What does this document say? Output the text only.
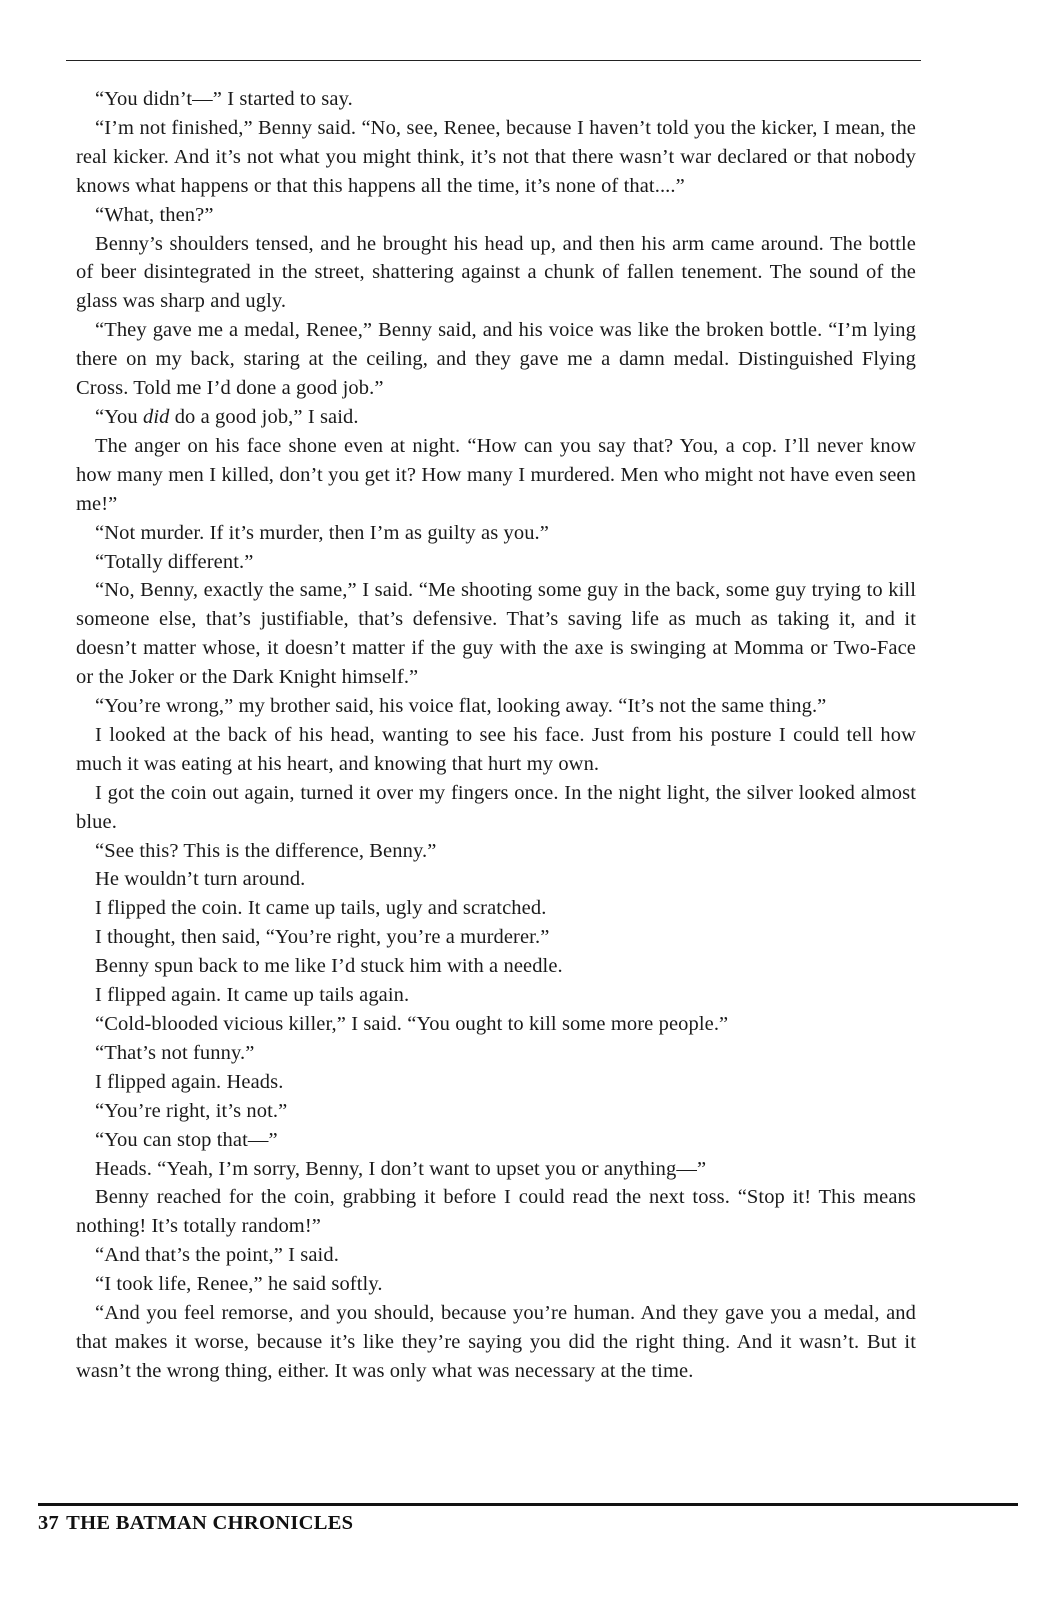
“You didn’t—” I started to say.

“I’m not finished,” Benny said. “No, see, Renee, because I haven’t told you the kicker, I mean, the real kicker. And it’s not what you might think, it’s not that there wasn’t war declared or that nobody knows what happens or that this happens all the time, it’s none of that....”

“What, then?”

Benny’s shoulders tensed, and he brought his head up, and then his arm came around. The bottle of beer disintegrated in the street, shattering against a chunk of fallen tenement. The sound of the glass was sharp and ugly.

“They gave me a medal, Renee,” Benny said, and his voice was like the broken bottle. “I’m lying there on my back, staring at the ceiling, and they gave me a damn medal. Distinguished Flying Cross. Told me I’d done a good job.”

“You did do a good job,” I said.

The anger on his face shone even at night. “How can you say that? You, a cop. I’ll never know how many men I killed, don’t you get it? How many I murdered. Men who might not have even seen me!”

“Not murder. If it’s murder, then I’m as guilty as you.”

“Totally different.”

“No, Benny, exactly the same,” I said. “Me shooting some guy in the back, some guy trying to kill someone else, that’s justifiable, that’s defensive. That’s saving life as much as taking it, and it doesn’t matter whose, it doesn’t matter if the guy with the axe is swinging at Momma or Two-Face or the Joker or the Dark Knight himself.”

“You’re wrong,” my brother said, his voice flat, looking away. “It’s not the same thing.”

I looked at the back of his head, wanting to see his face. Just from his posture I could tell how much it was eating at his heart, and knowing that hurt my own.

I got the coin out again, turned it over my fingers once. In the night light, the silver looked almost blue.

“See this? This is the difference, Benny.”

He wouldn’t turn around.

I flipped the coin. It came up tails, ugly and scratched.

I thought, then said, “You’re right, you’re a murderer.”

Benny spun back to me like I’d stuck him with a needle.

I flipped again. It came up tails again.

“Cold-blooded vicious killer,” I said. “You ought to kill some more people.”

“That’s not funny.”

I flipped again. Heads.

“You’re right, it’s not.”

“You can stop that—”

Heads. “Yeah, I’m sorry, Benny, I don’t want to upset you or anything—”

Benny reached for the coin, grabbing it before I could read the next toss. “Stop it! This means nothing! It’s totally random!”

“And that’s the point,” I said.

“I took life, Renee,” he said softly.

“And you feel remorse, and you should, because you’re human. And they gave you a medal, and that makes it worse, because it’s like they’re saying you did the right thing. And it wasn’t. But it wasn’t the wrong thing, either. It was only what was necessary at the time.

37 THE BATMAN CHRONICLES
